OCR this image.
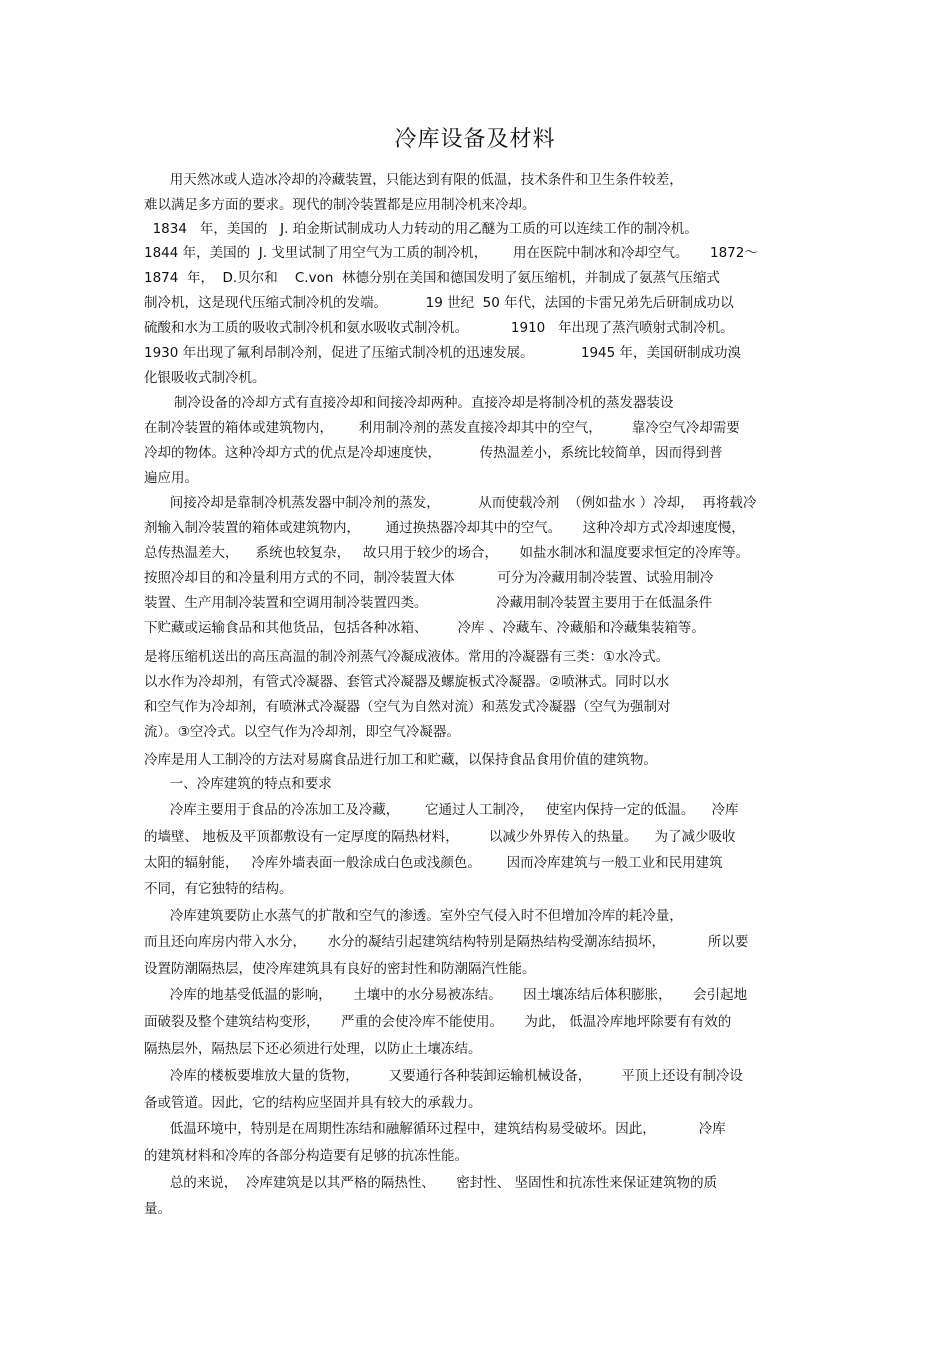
冷库设备及材料
用天然冰或人造冰冷却的冷藏装置，只能达到有限的低温，技术条件和卫生条件较差，
难以满足多方面的要求。现代的制冷装置都是应用制冷机来冷却。
1834   年，美国的   J. 珀金斯试制成功人力转动的用乙醚为工质的可以连续工作的制冷机。
1844 年，美国的  J. 戈里试制了用空气为工质的制冷机，      用在医院中制冰和冷却空气。     1872～
1874  年，  D.贝尔和    C.von  林德分别在美国和德国发明了氨压缩机，并制成了氨蒸气压缩式
制冷机，这是现代压缩式制冷机的发端。         19 世纪  50 年代，法国的卡雷兄弟先后研制成功以
硫酸和水为工质的吸收式制冷机和氨水吸收式制冷机。          1910   年出现了蒸汽喷射式制冷机。
1930 年出现了氟利昂制冷剂，促进了压缩式制冷机的迅速发展。           1945 年，美国研制成功溴
化银吸收式制冷机。
制冷设备的冷却方式有直接冷却和间接冷却两种。直接冷却是将制冷机的蒸发器装设
在制冷装置的箱体或建筑物内，      利用制冷剂的蒸发直接冷却其中的空气，       靠冷空气冷却需要
冷却的物体。这种冷却方式的优点是冷却速度快，         传热温差小，系统比较简单，因而得到普
遍应用。
间接冷却是靠制冷机蒸发器中制冷剂的蒸发，         从而使载冷剂  （例如盐水 ）冷却，  再将载冷
剂输入制冷装置的箱体或建筑物内，      通过换热器冷却其中的空气。     这种冷却方式冷却速度慢，
总传热温差大，    系统也较复杂，   故只用于较少的场合，     如盐水制冰和温度要求恒定的冷库等。
按照冷却目的和冷量利用方式的不同，制冷装置大体          可分为冷藏用制冷装置、试验用制冷
装置、生产用制冷装置和空调用制冷装置四类。                冷藏用制冷装置主要用于在低温条件
下贮藏或运输食品和其他货品，包括各种冰箱、       冷库 、冷藏车、冷藏船和冷藏集装箱等。
是将压缩机送出的高压高温的制冷剂蒸气冷凝成液体。常用的冷凝器有三类：①水冷式。
以水作为冷却剂，有管式冷凝器、套管式冷凝器及螺旋板式冷凝器。②喷淋式。同时以水
和空气作为冷却剂，有喷淋式冷凝器（空气为自然对流）和蒸发式冷凝器（空气为强制对
流）。③空冷式。以空气作为冷却剂，即空气冷凝器。
冷库是用人工制冷的方法对易腐食品进行加工和贮藏，以保持食品食用价值的建筑物。
一、冷库建筑的特点和要求
冷库主要用于食品的冷冻加工及冷藏，      它通过人工制冷，   使室内保持一定的低温。    冷库
的墙壁、 地板及平顶都敷设有一定厚度的隔热材料，       以减少外界传入的热量。    为了减少吸收
太阳的辐射能，   冷库外墙表面一般涂成白色或浅颜色。      因而冷库建筑与一般工业和民用建筑
不同，有它独特的结构。
冷库建筑要防止水蒸气的扩散和空气的渗透。室外空气侵入时不但增加冷库的耗冷量，
而且还向库房内带入水分，     水分的凝结引起建筑结构特别是隔热结构受潮冻结损坏，          所以要
设置防潮隔热层，使冷库建筑具有良好的密封性和防潮隔汽性能。
冷库的地基受低温的影响，     土壤中的水分易被冻结。     因土壤冻结后体积膨胀，     会引起地
面破裂及整个建筑结构变形，     严重的会使冷库不能使用。     为此， 低温冷库地坪除要有有效的
隔热层外，隔热层下还必须进行处理，以防止土壤冻结。
冷库的楼板要堆放大量的货物，       又要通行各种装卸运输机械设备，       平顶上还设有制冷设
备或管道。因此，它的结构应坚固并具有较大的承载力。
低温环境中，特别是在周期性冻结和融解循环过程中，建筑结构易受破坏。因此，          冷库
的建筑材料和冷库的各部分构造要有足够的抗冻性能。
总的来说，  冷库建筑是以其严格的隔热性、     密封性、 坚固性和抗冻性来保证建筑物的质
量。
